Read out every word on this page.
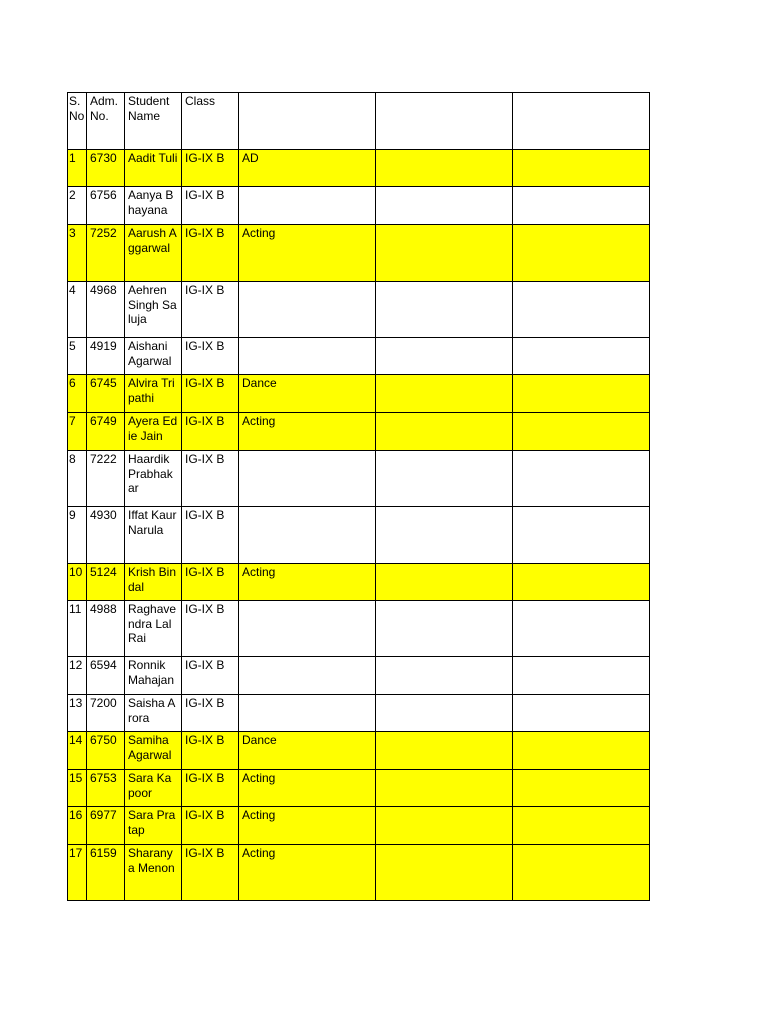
S.No	Adm. No.	Student Name	Class			
1	6730	Aadit Tuli	IG-IX B	AD		
2	6756	Aanya Bhayana	IG-IX B			
3	7252	Aarush Aggarwal	IG-IX B	Acting		
4	4968	Aehren Singh Saluja	IG-IX B			
5	4919	Aishani Agarwal	IG-IX B			
6	6745	Alvira Tripathi	IG-IX B	Dance		
7	6749	Ayera Edie Jain	IG-IX B	Acting		
8	7222	Haardik Prabhakar	IG-IX B			
9	4930	Iffat Kaur Narula	IG-IX B			
10	5124	Krish Bindal	IG-IX B	Acting		
11	4988	Raghavendra Lal Rai	IG-IX B			
12	6594	Ronnik Mahajan	IG-IX B			
13	7200	Saisha Arora	IG-IX B			
14	6750	Samiha Agarwal	IG-IX B	Dance		
15	6753	Sara Kapoor	IG-IX B	Acting		
16	6977	Sara Pratap	IG-IX B	Acting		
17	6159	Sharanya Menon	IG-IX B	Acting		
